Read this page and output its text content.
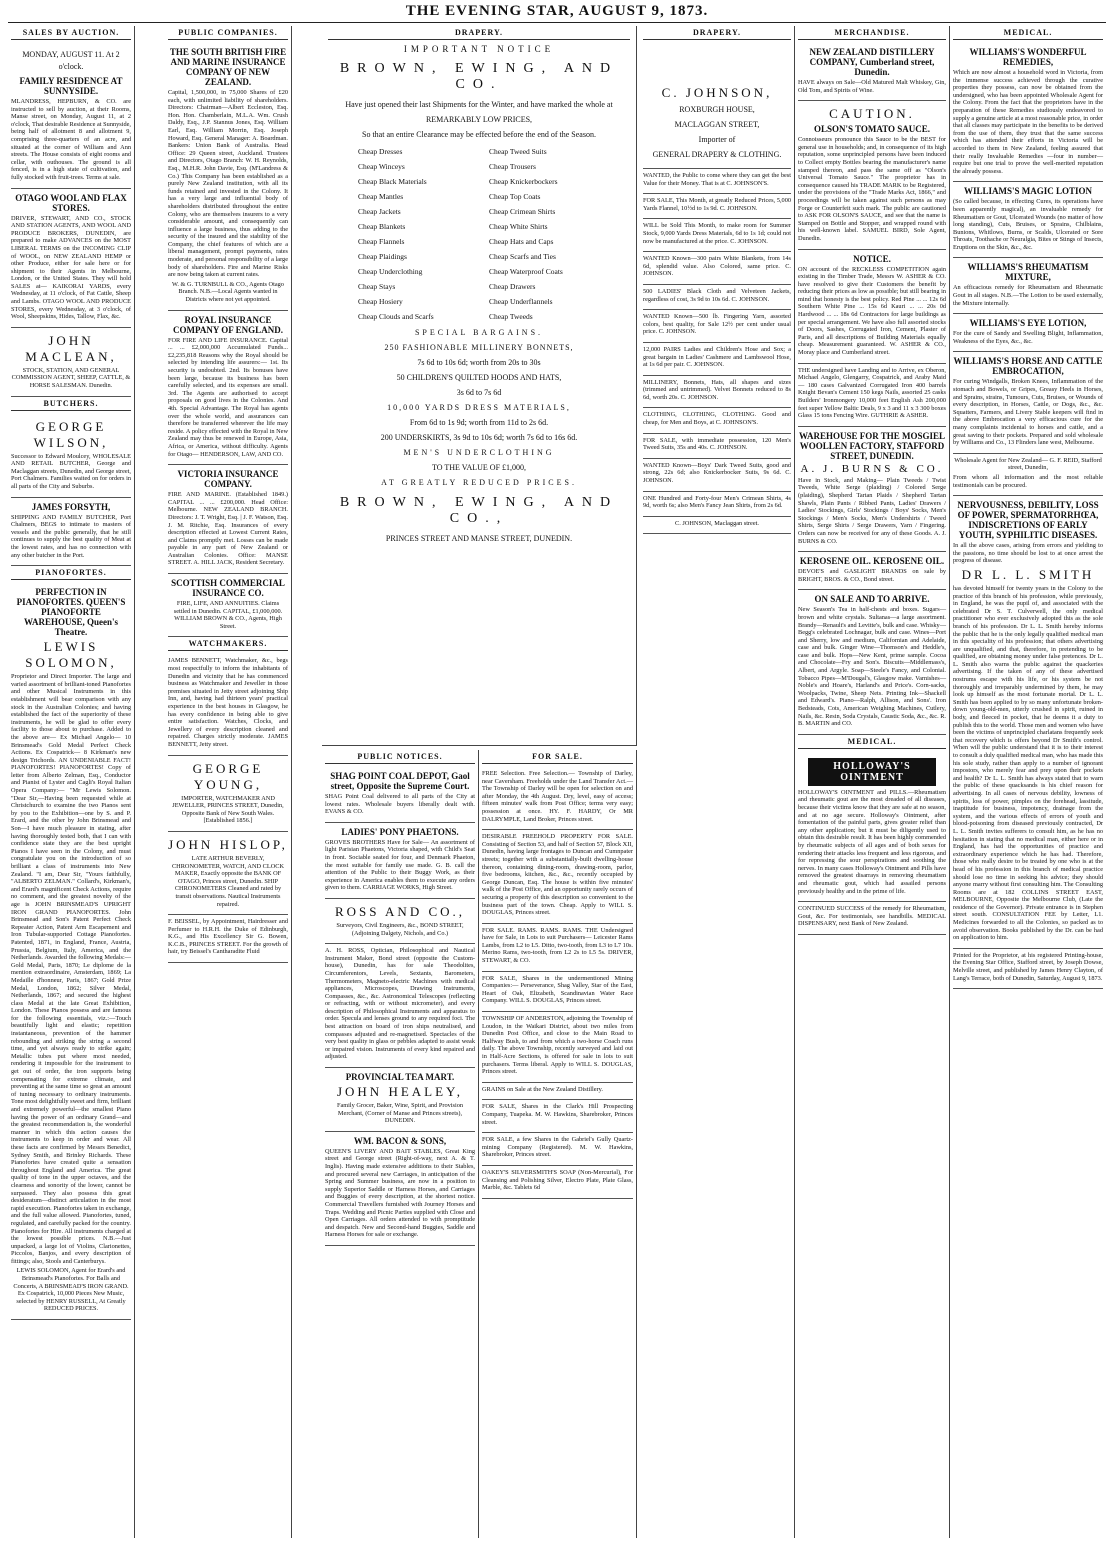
THE EVENING STAR, AUGUST 9, 1873.
SALES BY AUCTION.
MONDAY, AUGUST 11. At 2 o'clock.
FAMILY RESIDENCE AT SUNNYSIDE.

MLANDRESS, HEPBURN, & CO. are instructed to sell by auction, at their Rooms, Manse street, on Monday, August 11, at 2 o'clock, That desirable Residence at Sunnyside, being half of allotment 8 and allotment 9, comprising three-quarters of an acre, and situated at the corner of William and Ann streets. The House consists of eight rooms and cellar, with outhouses. The ground is all fenced, is in a high state of cultivation, and fully stocked with fruit-trees. Terms at sale.

OTAGO WOOL AND FLAX STORES.

DRIVER, STEWART, AND CO., STOCK AND STATION AGENTS, AND WOOL AND PRODUCE BROKERS, DUNEDIN, are prepared to make ADVANCES on the MOST LIBERAL TERMS on the INCOMING CLIP of WOOL, on NEW ZEALAND HEMP or other Produce, either for sale here or for shipment to their Agents in Melbourne, London, or the United States. They will hold SALES at— KAIKORAI YARDS, every Wednesday, at 11 o'clock, of Fat Cattle, Sheep and Lambs. OTAGO WOOL AND PRODUCE STORES, every Wednesday, at 3 o'clock, of Wool, Sheepskins, Hides, Tallow, Flax, &c.

JOHN MACLEAN,

STOCK, STATION, AND GENERAL COMMISSION AGENT, SHEEP, CATTLE, & HORSE SALESMAN. Dunedin.

BUTCHERS.
GEORGE WILSON,

Successor to Edward Moulcey, WHOLESALE AND RETAIL BUTCHER, George and Maclaggan streets, Dunedin, and George street, Port Chalmers. Families waited on for orders in all parts of the City and Suburbs.

JAMES FORSYTH,

SHIPPING AND FAMILY BUTCHER, Port Chalmers, BEGS to intimate to masters of vessels and the public generally, that he still continues to supply the best quality of Meat at the lowest rates, and has no connection with any other butcher in the Port.

PIANOFORTES.
PERFECTION IN PIANOFORTES. QUEEN'S PIANOFORTE WAREHOUSE, Queen's Theatre.
LEWIS SOLOMON,

Proprietor and Direct Importer. The large and varied assortment of brilliant-toned Pianofortes and other Musical Instruments in this establishment will bear comparison with any stock in the Australian Colonies; and having established the fact of the superiority of these instruments, he will be glad to offer every facility to those about to purchase. Added to the above are— Ex Michael Angelo— 10 Brinsmead's Gold Medal Perfect Check Actions. Ex Cospatrick— 8 Kirkman's new design Trichords. AN UNDENIABLE FACT! PIANOFORTES! PIANOFORTES! Copy of letter from Alberto Zelman, Esq., Conductor and Pianist of Lyster and Cagli's Royal Italian Opera Company:— "Mr Lewis Solomon. "Dear Sir,—Having been requested while at Christchurch to examine the two Pianos sent by you to the Exhibition—one by S. and P. Erard, and the other by John Brinsmead and Son—I have much pleasure in stating, after having thoroughly tested both, that I can with confidence state they are the best upright Pianos I have seen in the Colony, and must congratulate you on the introduction of so brilliant a class of instruments into New Zealand. "I am, Dear Sir, "Yours faithfully, "ALBERTO ZELMAN." Collard's, Kirkman's, and Erard's magnificent Check Actions, require no comment, and the greatest novelty of the age is JOHN BRINSMEAD'S UPRIGHT IRON GRAND PIANOFORTES. John Brinsmead and Son's Patent Perfect Check Repeater Action, Patent Arm Escapement and Iron Tubular-supported Cottage Pianofortes. Patented, 1871, in England, France, Austria, Prussia, Belgium, Italy, America, and the Netherlands. Awarded the following Medals:—Gold Medal, Paris, 1870; Le diplome de la mention extraordinaire, Amsterdam, 1869; La Medaille d'honneur, Paris, 1867; Gold Prize Medal, London, 1862; Silver Medal, Netherlands, 1867; and secured the highest class Medal at the late Great Exhibition, London. These Pianos possess and are famous for the following essentials, viz.:—Touch beautifully light and elastic; repetition instantaneous, prevention of the hammer rebounding and striking the string a second time, and yet always ready to strike again; Metallic tubes put where most needed, rendering it impossible for the instrument to get out of order, the iron supports being compensating for extreme climate, and preventing at the same time so great an amount of tuning necessary to ordinary instruments. Tone most delightfully sweet and firm, brilliant and extremely powerful—the smallest Piano having the power of an ordinary Grand—and the greatest recommendation is, the wonderful manner in which this action causes the instruments to keep in order and wear. All these facts are confirmed by Messrs Benedict, Sydney Smith, and Brinley Richards. These Pianofortes have created quite a sensation throughout England and America. The great quality of tone in the upper octaves, and the clearness and sonority of the lower, cannot be surpassed. They also possess this great desideratum—distinct articulation in the most rapid execution. Pianofortes taken in exchange, and the full value allowed. Pianofortes, tuned, regulated, and carefully packed for the country. Pianofortes for Hire. All instruments charged at the lowest possible prices. N.B.—Just unpacked, a large lot of Violins, Clarionettes, Piccolos, Banjos, and every description of fittings; also, Stools and Canterburys.

LEWIS SOLOMON, Agent for Erard's and Brinsmead's Pianofortes. For Balls and Concerts, A BRINSMEAD'S IRON GRAND. Ex Cospatrick, 10,000 Pieces New Music, selected by HENRY RUSSELL, At Greatly REDUCED PRICES.

PUBLIC COMPANIES.
THE SOUTH BRITISH FIRE AND MARINE INSURANCE COMPANY OF NEW ZEALAND.

Capital, 1,500,000, in 75,000 Shares of £20 each, with unlimited liability of shareholders. Directors: Chairman—Albert Eccleston, Esq. Hon. Hon. Chamberlain, M.L.A. Wm. Crush Daldy, Esq., J.P. Stannus Jones, Esq. William Earl, Esq. William Morrin, Esq. Joseph Howard, Esq. General Manager: A. Boardman. Bankers: Union Bank of Australia. Head Office: 29 Queen street, Auckland. Trustees and Directors, Otago Branch: W. H. Reynolds, Esq., M.H.R. John Davie, Esq. (M'Landress & Co.) This Company has been established as a purely New Zealand institution, with all its funds retained and invested in the Colony. It has a very large and influential body of shareholders distributed throughout the entire Colony, who are themselves insurers to a very considerable amount, and consequently can influence a large business, thus adding to the security of the insured and the stability of the Company, the chief features of which are a liberal management, prompt payments, rates moderate, and personal responsibility of a large body of shareholders. Fire and Marine Risks are now being taken at current rates.

W. & G. TURNBULL & CO., Agents Otago Branch. N.B.—Local Agents wanted in Districts where not yet appointed.

ROYAL INSURANCE COMPANY OF ENGLAND.

FOR FIRE AND LIFE INSURANCE. Capital ... ... £2,000,000 Accumulated Funds... £2,235,818 Reasons why the Royal should be selected by intending life assurers:— 1st. Its security is undoubted. 2nd. Its bonuses have been large, because its business has been carefully selected, and its expenses are small. 3rd. The Agents are authorised to accept proposals on good lives in the Colonies. And 4th. Special Advantage. The Royal has agents over the whole world, and assurances can therefore be transferred wherever the life may reside. A policy effected with the Royal in New Zealand may thus be renewed in Europe, Asia, Africa, or America, without difficulty. Agents for Otago— HENDERSON, LAW, AND CO.

VICTORIA INSURANCE COMPANY.

FIRE AND MARINE. (Established 1849.) CAPITAL ... ... £200,000. Head Office: Melbourne. NEW ZEALAND BRANCH. Directors: J. T. Wright, Esq. | J. F. Watson, Esq. J. M. Ritchie, Esq. Insurances of every description effected at Lowest Current Rates, and Claims promptly met. Losses can be made payable in any part of New Zealand or Australian Colonies. Office: MANSE STREET. A. HILL JACK, Resident Secretary.

SCOTTISH COMMERCIAL INSURANCE CO.

FIRE, LIFE, AND ANNUITIES. Claims settled in Dunedin. CAPITAL, £1,000,000. WILLIAM BROWN & CO., Agents, High Street.

WATCHMAKERS.

JAMES BENNETT, Watchmaker, &c., begs most respectfully to inform the inhabitants of Dunedin and vicinity that he has commenced business as Watchmaker and Jeweller in those premises situated in Jetty street adjoining Ship Inn, and, having had thirteen years' practical experience in the best houses in Glasgow, he has every confidence in being able to give entire satisfaction. Watches, Clocks, and Jewellery of every description cleaned and repaired. Charges strictly moderate. JAMES BENNETT, Jetty street.

GEORGE YOUNG,

IMPORTER, WATCHMAKER AND JEWELLER, PRINCES STREET, Dunedin, Opposite Bank of New South Wales. [Established 1856.]

JOHN HISLOP,

LATE ARTHUR BEVERLY, CHRONOMETER, WATCH, AND CLOCK MAKER, Exactly opposite the BANK OF OTAGO, Princes street, Dunedin. SHIP CHRONOMETERS Cleaned and rated by transit observations. Nautical Instruments repaired.

F. BEISSEL, by Appointment, Hairdresser and Perfumer to H.R.H. the Duke of Edinburgh, K.G., and His Excellency Sir G. Bowen, K.C.B., PRINCES STREET. For the growth of hair, try Beissel's Cantharadite Fluid

DRAPERY.
IMPORTANT NOTICE
BROWN, EWING, AND CO.
Have just opened their last Shipments for the Winter, and have marked the whole at
REMARKABLY LOW PRICES,
So that an entire Clearance may be effected before the end of the Season.
Cheap Dresses
Cheap Winceys
Cheap Black Materials
Cheap Mantles
Cheap Jackets
Cheap Blankets
Cheap Flannels
Cheap Plaidings
Cheap Underclothing
Cheap Stays
Cheap Hosiery
Cheap Clouds and Scarfs
Cheap Tweed Suits
Cheap Trousers
Cheap Knickerbockers
Cheap Top Coats
Cheap Crimean Shirts
Cheap White Shirts
Cheap Hats and Caps
Cheap Scarfs and Ties
Cheap Waterproof Coats
Cheap Drawers
Cheap Underflannels
Cheap Tweeds
SPECIAL BARGAINS.
250 FASHIONABLE MILLINERY BONNETS,
7s 6d to 10s 6d; worth from 20s to 30s
50 CHILDREN'S QUILTED HOODS AND HATS,
3s 6d to 7s 6d
10,000 YARDS DRESS MATERIALS,
From 6d to 1s 9d; worth from 11d to 2s 6d.
200 UNDERSKIRTS, 3s 9d to 10s 6d; worth 7s 6d to 16s 6d.
MEN'S UNDERCLOTHING
TO THE VALUE OF £1,000,
AT GREATLY REDUCED PRICES.
BROWN, EWING, AND CO.,
PRINCES STREET AND MANSE STREET, DUNEDIN.
PUBLIC NOTICES.
SHAG POINT COAL DEPOT, Gaol street, Opposite the Supreme Court.

SHAG Point Coal delivered to all parts of the City at lowest rates. Wholesale buyers liberally dealt with. EVANS & CO.

LADIES' PONY PHAETONS.

GROVES BROTHERS Have for Sale— An assortment of light Parisian Phaetons, Victoria shaped, with Child's Seat in front. Sociable seated for four, and Denmark Phaeton, the most suitable for family use made. G. B. call the attention of the Public to their Buggy Work, as their experience in America enables them to execute any orders given to them. CARRIAGE WORKS, High Street.

ROSS AND CO.,

Surveyors, Civil Engineers, &c., BOND STREET, (Adjoining Dalgety, Nichols, and Co.)

A. H. ROSS, Optician, Philosophical and Nautical Instrument Maker, Bond street (opposite the Custom-house), Dunedin, has for sale Theodolites, Circumferentors, Levels, Sextants, Barometers, Thermometers, Magneto-electric Machines with medical appliances, Microscopes, Drawing Instruments, Compasses, &c., &c. Astronomical Telescopes (reflecting or refracting, with or without micrometer), and every description of Philosophical Instruments and apparatus to order. Specula and lenses ground to any required foci. The best attraction on board of iron ships neutralised, and compasses adjusted and re-magnetised. Spectacles of the very best quality in glass or pebbles adapted to assist weak or impaired vision. Instruments of every kind repaired and adjusted.

PROVINCIAL TEA MART.
JOHN HEALEY,

Family Grocer, Baker, Wine, Spirit, and Provision Merchant, (Corner of Manse and Princes streets), DUNEDIN.

WM. BACON & SONS,

QUEEN'S LIVERY AND BAIT STABLES, Great King street and George street (Right-of-way, next A. & T. Inglis). Having made extensive additions to their Stables, and procured several new Carriages, in anticipation of the Spring and Summer business, are now in a position to supply Superior Saddle or Harness Horses, and Carriages and Buggies of every description, at the shortest notice. Commercial Travellers furnished with Journey Horses and Traps. Wedding and Picnic Parties supplied with Close and Open Carriages. All orders attended to with promptitude and despatch. New and Second-hand Buggies, Saddle and Harness Horses for sale or exchange.

FOR SALE.

FREE Selection. Free Selection.— Township of Darley, near Caversham. Freeholds under the Land Transfer Act.— The Township of Darley will be open for selection on and after Monday, the 4th August. Dry, level, easy of access; fifteen minutes' walk from Post Office; terms very easy; possession at once. HY. F. HARDY, Or MR DALRYMPLE, Land Broker, Princes street.

DESIRABLE FREEHOLD PROPERTY FOR SALE. Consisting of Section 53, and half of Section 57, Block XII, Dunedin, having large frontages to Duncan and Cumnpater streets; together with a substantially-built dwelling-house thereon, containing dining-room, drawing-room, parlor, five bedrooms, kitchen, &c., &c., recently occupied by George Duncan, Esq. The house is within five minutes' walk of the Post Office, and an opportunity rarely occurs of securing a property of this description so convenient to the business part of the town. Cheap. Apply to WILL S. DOUGLAS, Princes street.

FOR SALE. RAMS. RAMS. RAMS. THE Undersigned have for Sale, in Lots to suit Purchasers— Leicester Rams Lambs, from L2 to L5. Ditto, two-tooth, from L3 to L7 10s. Merino Rams, two-tooth, from L2 2s to L5 5s. DRIVER, STEWART, & CO.

FOR SALE, Shares in the undermentioned Mining Companies:— Perseverance, Shag Valley, Star of the East, Heart of Oak, Elizabeth, Scandinavian Water Race Company. WILL S. DOUGLAS, Princes street.

TOWNSHIP OF ANDERSTON, adjoining the Township of Loudon, in the Waikari District, about two miles from Dunedin Post Office, and close to the Main Road to Halfway Bush, to and from which a two-horse Coach runs daily. The above Township, recently surveyed and laid out in Half-Acre Sections, is offered for sale in lots to suit purchasers. Terms liberal. Apply to WILL S. DOUGLAS, Princes street.

GRAINS on Sale at the New Zealand Distillery.

FOR SALE, Shares in the Clark's Hill Prospecting Company, Tuapeka. M. W. Hawkins, Sharebroker, Princes street.

FOR SALE, a few Shares in the Gabriel's Gully Quartz-mining Company (Registered). M. W. Hawkins, Sharebroker, Princes street.

OAKEY'S SILVERSMITH'S SOAP (Non-Mercurial), For Cleansing and Polishing Silver, Electro Plate, Plate Glass, Marble, &c. Tablets 6d

DRAPERY.
C. JOHNSON,
ROXBURGH HOUSE,
MACLAGGAN STREET,
Importer of
GENERAL DRAPERY & CLOTHING.

WANTED, the Public to come where they can get the best Value for their Money. That is at C. JOHNSON'S.

FOR SALE, This Month, at greatly Reduced Prices, 5,000 Yards Flannel, 10½d to 1s 9d. C. JOHNSON.

WILL be Sold This Month, to make room for Summer Stock, 9,000 Yards Dress Materials, 6d to 1s 1d; could not now be manufactured at the price. C. JOHNSON.

WANTED Known—300 pairs White Blankets, from 14s 6d, splendid value. Also Colored, same price. C. JOHNSON.

500 LADIES' Black Cloth and Velveteen Jackets, regardless of cost, 3s 9d to 10s 6d. C. JOHNSON.

WANTED Known—500 lb. Fingering Yarn, assorted colors, best quality, for Sale 12½ per cent under usual price. C. JOHNSON.

12,000 PAIRS Ladies and Children's Hose and Sox; a great bargain in Ladies' Cashmere and Lambswool Hose, at 1s 6d per pair. C. JOHNSON.

MILLINERY, Bonnets, Hats, all shapes and sizes (trimmed and untrimmed). Velvet Bonnets reduced to 8s 6d, worth 20s. C. JOHNSON.

CLOTHING, CLOTHING, CLOTHING. Good and cheap, for Men and Boys, at C. JOHNSON'S.

FOR SALE, with immediate possession, 120 Men's Tweed Suits, 35s and 40s. C. JOHNSON.

WANTED Known—Boys' Dark Tweed Suits, good and strong, 22s 6d; also Knickerbocker Suits, 9s 6d. C. JOHNSON.

ONE Hundred and Forty-four Men's Crimean Shirts, 4s 9d, worth 6s; also Men's Fancy Jean Shirts, from 2s 6d.

C. JOHNSON, Maclaggan street.

MERCHANDISE.
NEW ZEALAND DISTILLERY COMPANY, Cumberland street, Dunedin.

HAVE always on Sale—Old Matured Malt Whiskey, Gin, Old Tom, and Spirits of Wine.

CAUTION.
OLSON'S TOMATO SAUCE.

Connoisseurs pronounce this Sauce to be the BEST for general use in households; and, in consequence of its high reputation, some unprincipled persons have been induced to Collect empty Bottles bearing the manufacturer's name stamped thereon, and pass the same off as "Olson's Universal Tomato Sauce." The proprietor has in consequence caused his TRADE MARK to be Registered, under the provisions of the "Trade Marks Act, 1866," and proceedings will be taken against such persons as may Forge or Counterfeit such mark. The public are cautioned to ASK FOR OLSON'S SAUCE, and see that the name is Stamped on Bottle and Stopper, and wrapped round with his well-known label. SAMUEL BIRD, Sole Agent, Dunedin.

NOTICE.

ON account of the RECKLESS COMPETITION again existing in the Timber Trade, Messrs W. ASHER & CO. have resolved to give their Customers the benefit by reducing their prices as low as possible; but still bearing in mind that honesty is the best policy. Red Pine ... ... 12s 6d Southern White Pine ... 15s 6d Kauri ... ... 20s 0d Hardwood ... ... 18s 6d Contractors for large buildings as per special arrangement. We have also full assorted stocks of Doors, Sashes, Corrugated Iron, Cement, Plaster of Paris, and all descriptions of Building Materials equally cheap. Measurement guaranteed. W. ASHER & CO., Moray place and Cumberland street.

THE undersigned have Landing and to Arrive, ex Oberon, Michael Angelo, Glengarry, Cospatrick, and Araby Maid— 180 cases Galvanized Corrugated Iron 400 barrels Knight Bevan's Cement 150 kegs Nails, assorted 25 casks Builders' Ironmongery 10,000 feet English Ash 200,000 feet super Yellow Baltic Deals, 9 x 3 and 11 x 3 300 boxes Glass 15 tons Fencing Wire. GUTHRIE & ASHER.

WAREHOUSE FOR THE MOSGIEL WOOLLEN FACTORY, STAFFORD STREET, DUNEDIN.
A. J. BURNS & CO.

Have in Stock, and Making— Plain Tweeds / Twist Tweeds, White Serge (plaiding) / Colored Serge (plaiding), Shepherd Tartan Plaids / Shepherd Tartan Shawls, Plain Pants / Ribbed Pants, Ladies' Drawers / Ladies' Stockings, Girls' Stockings / Boys' Socks, Men's Stockings / Men's Socks, Men's Undershirts / Tweed Shirts, Serge Shirts / Serge Drawers, Yarn / Fingering. Orders can now be received for any of these Goods. A. J. BURNS & CO.

KEROSENE OIL. KEROSENE OIL.

DEVOE'S and GASLIGHT BRANDS on sale by BRIGHT, BROS. & CO., Bond street.

ON SALE AND TO ARRIVE.

New Season's Tea in half-chests and boxes. Sugars—brown and white crystals. Sultanas—a large assortment. Brandy—Renault's and Levitte's, bulk and case. Whisky—Begg's celebrated Lochnagar, bulk and case. Wines—Port and Sherry, low and medium, Californian and Adelaide, case and bulk. Ginger Wine—Thomson's and Heddle's, case and bulk. Hops—New Kent, prime sample. Cocoa and Chocolate—Fry and Son's. Biscuits—Middlemass's, Albert, and Argyle. Soap—Steele's Fancy, and Colonial. Tobacco Pipes—M'Dougal's, Glasgow make. Varnishes—Noble's and Hoare's, Harland's and Price's. Corn-sacks, Woolpacks, Twine, Sheep Nets. Printing Ink—Shackell and Edward's. Piano—Ralph, Allison, and Sons'. Iron Bedsteads, Cots, American Weighing Machines, Cutlery, Nails, &c. Resin, Soda Crystals, Caustic Soda, &c., &c. R. B. MARTIN and CO.

MEDICAL.
HOLLOWAY'S OINTMENT

HOLLOWAY'S OINTMENT and PILLS.—Rheumatism and rheumatic gout are the most dreaded of all diseases, because their victims know that they are safe at no season, and at no age secure. Holloway's Ointment, after fomentation of the painful parts, gives greater relief than any other application; but it must be diligently used to obtain this desirable result. It has been highly commended by rheumatic subjects of all ages and of both sexes for rendering their attacks less frequent and less rigorous, and for repressing the sour perspirations and soothing the nerves. In many cases Holloway's Ointment and Pills have removed the greatest disarrays in removing rheumatism and rheumatic gout, which had assailed persons previously healthy and in the prime of life.

CONTINUED SUCCESS of the remedy for Rheumatism, Gout, &c. For testimonials, see handbills. MEDICAL DISPENSARY, next Bank of New Zealand.

MEDICAL.
WILLIAMS'S WONDERFUL REMEDIES,

Which are now almost a household word in Victoria, from the immense success achieved through the curative properties they possess, can now be obtained from the undersigned, who has been appointed Wholesale Agent for the Colony. From the fact that the proprietors have in the preparation of these Remedies studiously endeavored to supply a genuine article at a most reasonable price, in order that all classes may participate in the benefits to be derived from the use of them, they trust that the same success which has attended their efforts in Victoria will be accorded to them in New Zealand, feeling assured that their really Invaluable Remedies —four in number—require but one trial to prove the well-merited reputation the already possess.

WILLIAMS'S MAGIC LOTION

(So called because, in effecting Cures, its operations have been apparently magical), an invaluable remedy for Rheumatism or Gout, Ulcerated Wounds (no matter of how long standing), Cuts, Bruises, or Sprains, Chilblains, Bunions, Whitlows, Burns, or Scalds, Ulcerated or Sore Throats, Toothache or Neuralgia, Bites or Stings of Insects, Eruptions on the Skin, &c., &c.

WILLIAMS'S RHEUMATISM MIXTURE,

An efficacious remedy for Rheumatism and Rheumatic Gout in all stages. N.B.—The Lotion to be used externally, the Mixture internally.

WILLIAMS'S EYE LOTION,

For the cure of Sandy and Swelling Blight, Inflammation, Weakness of the Eyes, &c., &c.

WILLIAMS'S HORSE AND CATTLE EMBROCATION,

For curing Windgalls, Broken Knees, Inflammation of the stomach and Bowels, or Gripes, Greasy Heels in Horses, and Sprains, strains, Tumours, Cuts, Bruises, or Wounds of every description, in Horses, Cattle, or Dogs, &c., &c. Squatters, Farmers, and Livery Stable keepers will find in the above Embrocation a very efficacious cure for the many complaints incidental to horses and cattle, and a great saving to their pockets. Prepared and sold wholesale by Williams and Co., 13 Flinders lane west, Melbourne.

Wholesale Agent for New Zealand— G. F. REID, Stafford street, Dunedin,

From whom all information and the most reliable testimonials can be procured.

NERVOUSNESS, DEBILITY, LOSS OF POWER, SPERMATORRHŒA, INDISCRETIONS OF EARLY YOUTH, SYPHILITIC DISEASES.

In all the above cases, arising from errors and yielding to the passions, no time should be lost to at once arrest the progress of disease.

DR L. L. SMITH

has devoted himself for twenty years in the Colony to the practice of this branch of his profession, while previously, in England, he was the pupil of, and associated with the celebrated Dr S. T. Culverwell, the only medical practitioner who ever exclusively adopted this as the sole branch of his profession. Dr L. L. Smith hereby informs the public that he is the only legally qualified medical man in this speciality of his profession; that others advertising are unqualified, and that, therefore, in pretending to be qualified, are obtaining money under false pretences. Dr L. L. Smith also warns the public against the quackeries advertising. If the taken of any of these advertised nostrums escape with his life, or his system be not thoroughly and irreparably undermined by them, he may look up himself as the most fortunate mortal. Dr L. L. Smith has been applied to by so many unfortunate broken-down young-old-men, utterly crushed in spirit, ruined in body, and fleeced in pocket, that he deems it a duty to publish this to the world. Those men and women who have been the victims of unprincipled charlatans frequently seek that recovery which is offers beyond Dr Smith's control. When will the public understand that it is to their interest to consult a duly qualified medical man, who has made this his sole study, rather than apply to a number of ignorant impostors, who merely fear and prey upon their pockets and health? Dr L. L. Smith has always stated that to warn the public of these quacksands is his chief reason for advertising. In all cases of nervous debility, lowness of spirits, loss of power, pimples on the forehead, lassitude, inaptitude for business, impotency, drainage from the system, and the various effects of errors of youth and blood-poisoning from diseased previously contracted, Dr L. L. Smith invites sufferers to consult him, as he has no hesitation in stating that no medical man, either here or in England, has had the opportunities of practice and extraordinary experience which he has had. Therefore, those who really desire to be treated by one who is at the head of his profession in this branch of medical practice should lose no time in seeking his advice; they should anyone marry without first consulting him. The Consulting Rooms are at 182 COLLINS STREET EAST, MELBOURNE, Opposite the Melbourne Club, (Late the residence of the Governor). Private entrance is in Stephen street south. CONSULTATION FEE by Letter, L1. Medicines forwarded to all the Colonies, so packed as to avoid observation. Books published by the Dr. can be had on application to him.

Printed for the Proprietor, at his registered Printing-house, the Evening Star Office, Stafford street, by Joseph Dowse, Melville street, and published by James Henry Clayton, of Lang's Terrace, both of Dunedin, Saturday, August 9, 1873.
